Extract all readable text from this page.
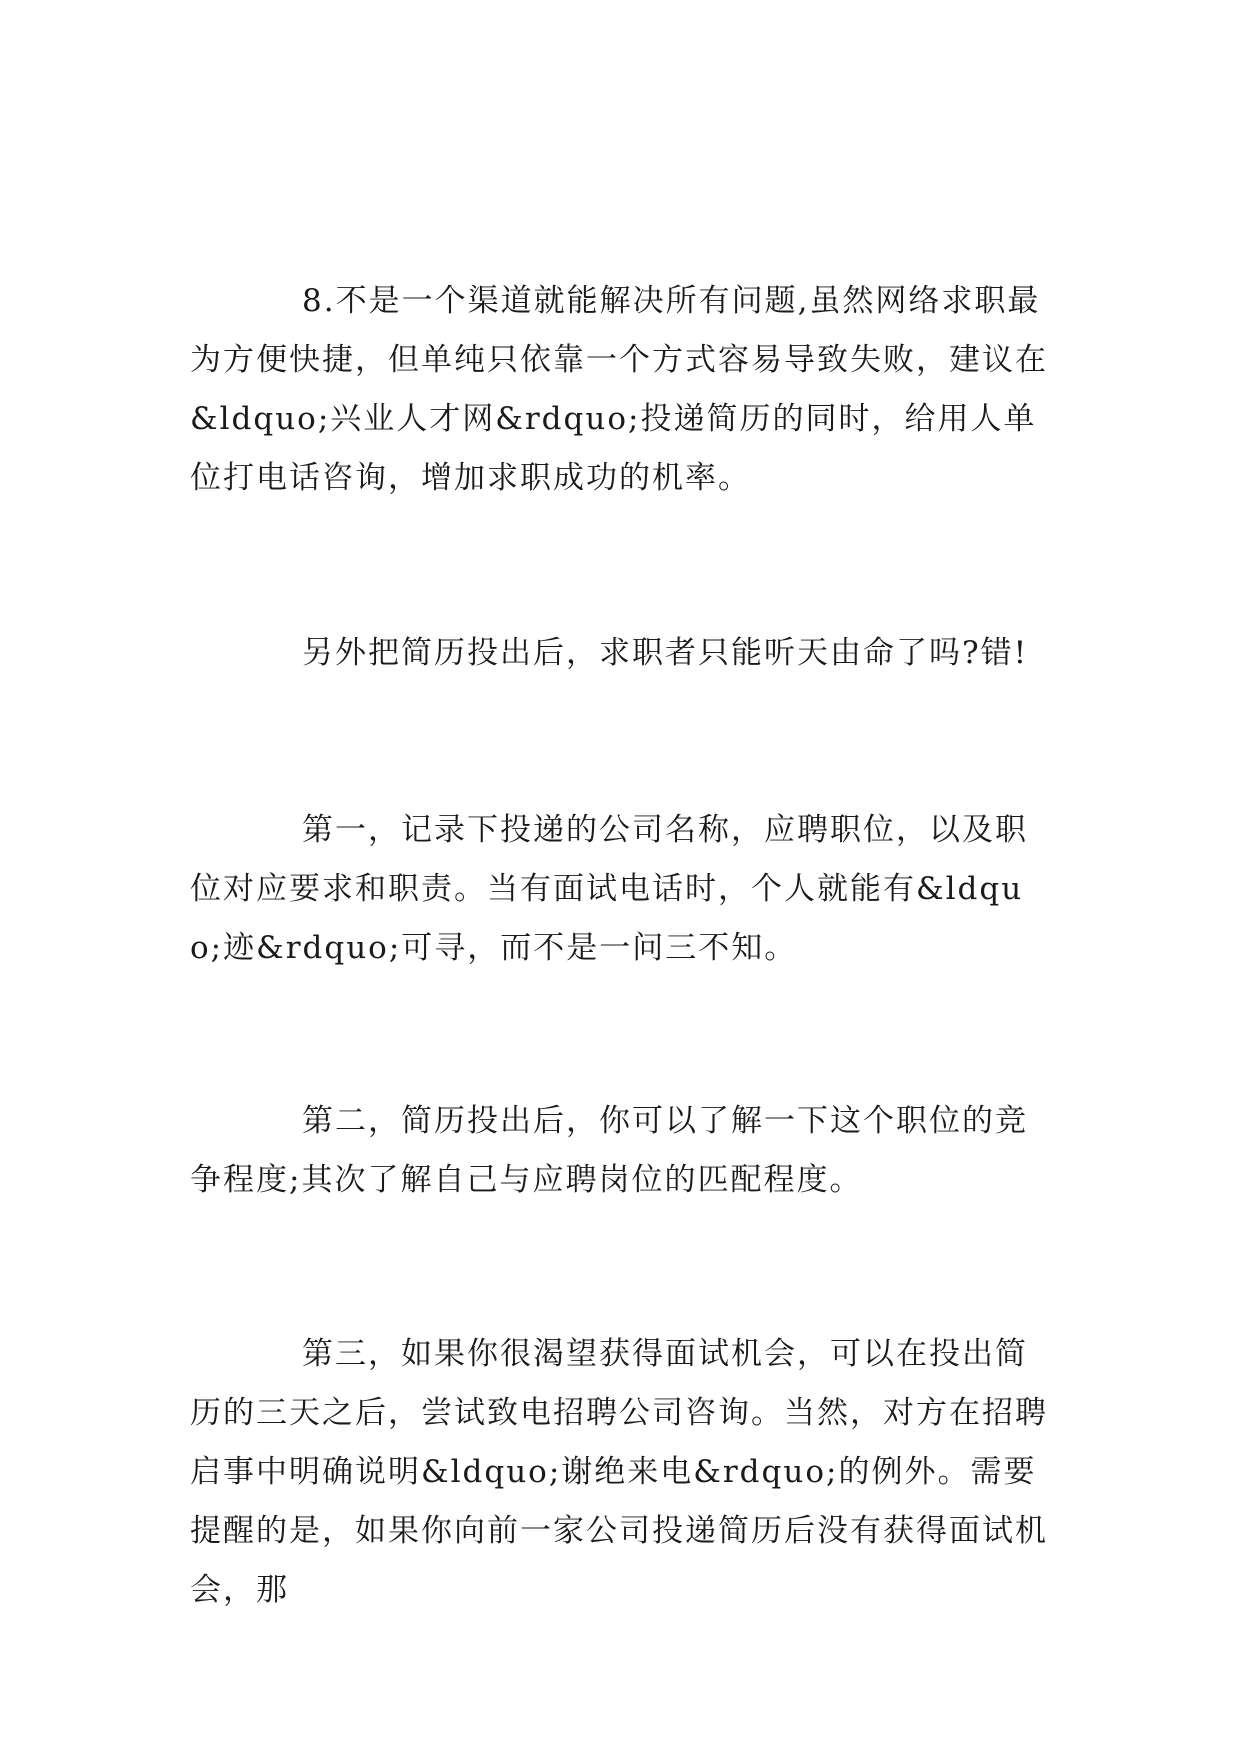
8.不是一个渠道就能解决所有问题,虽然网络求职最为方便快捷，但单纯只依靠一个方式容易导致失败，建议在&ldquo;兴业人才网&rdquo;投递简历的同时，给用人单位打电话咨询，增加求职成功的机率。

另外把简历投出后，求职者只能听天由命了吗?错!

第一，记录下投递的公司名称，应聘职位，以及职位对应要求和职责。当有面试电话时，个人就能有&ldquo;迹&rdquo;可寻，而不是一问三不知。

第二，简历投出后，你可以了解一下这个职位的竞争程度;其次了解自己与应聘岗位的匹配程度。

第三，如果你很渴望获得面试机会，可以在投出简历的三天之后，尝试致电招聘公司咨询。当然，对方在招聘启事中明确说明&ldquo;谢绝来电&rdquo;的例外。需要提醒的是，如果你向前一家公司投递简历后没有获得面试机会，那
